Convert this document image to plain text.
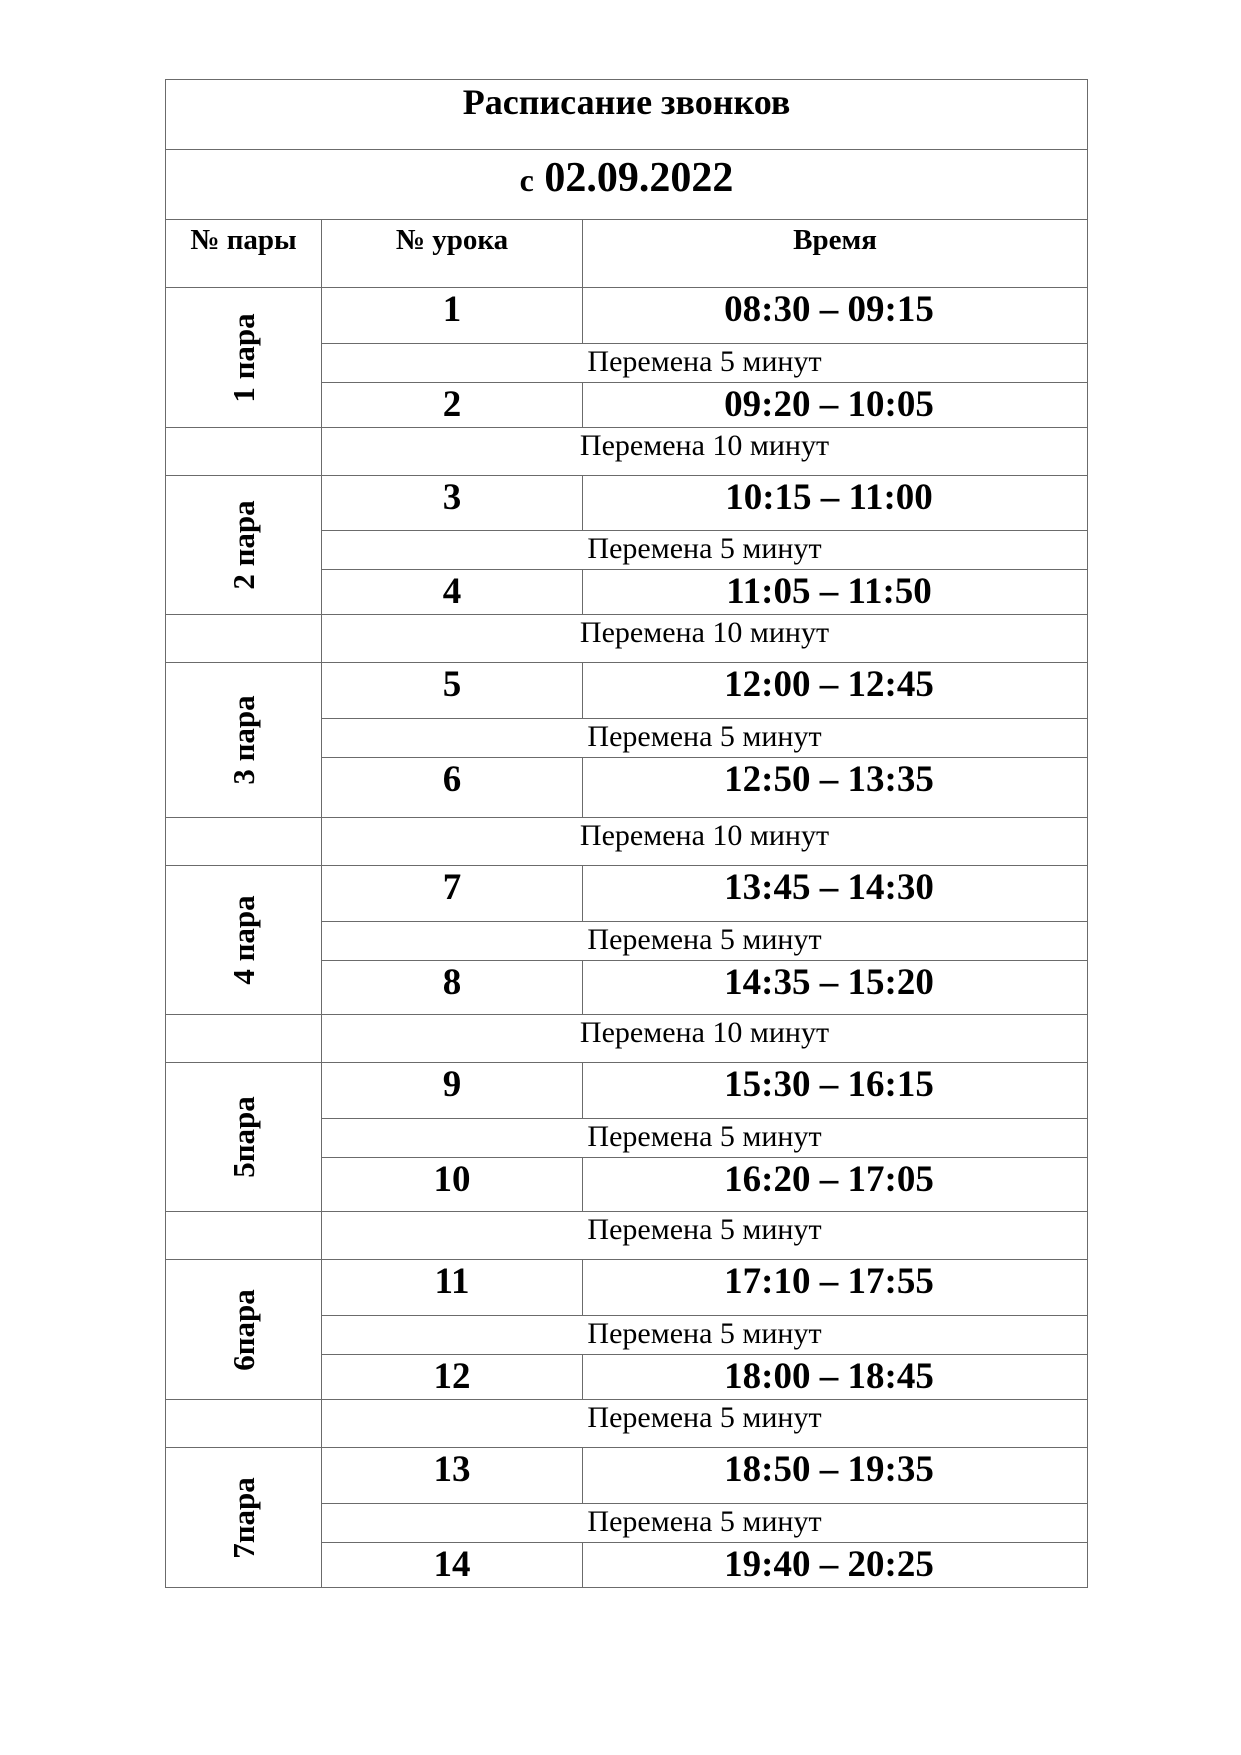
Расписание звонков		
с 02.09.2022		
№ пары	№ урока	Время

1 пара	1	08:30 – 09:15
	Перемена 5 минут	
	2	09:20 – 10:05
	Перемена 10 минут	

2 пара	3	10:15 – 11:00
	Перемена 5 минут	
	4	11:05 – 11:50
	Перемена 10 минут	

3 пара	5	12:00 – 12:45
	Перемена 5 минут	
	6	12:50 – 13:35
	Перемена 10 минут	

4 пара	7	13:45 – 14:30
	Перемена 5 минут	
	8	14:35 – 15:20
	Перемена 10 минут	

5пара	9	15:30 – 16:15
	Перемена 5 минут	
	10	16:20 – 17:05
	Перемена 5 минут	

6пара	11	17:10 – 17:55
	Перемена 5 минут	
	12	18:00 – 18:45
	Перемена 5 минут	

7пара	13	18:50 – 19:35
	Перемена 5 минут	
	14	19:40 – 20:25
